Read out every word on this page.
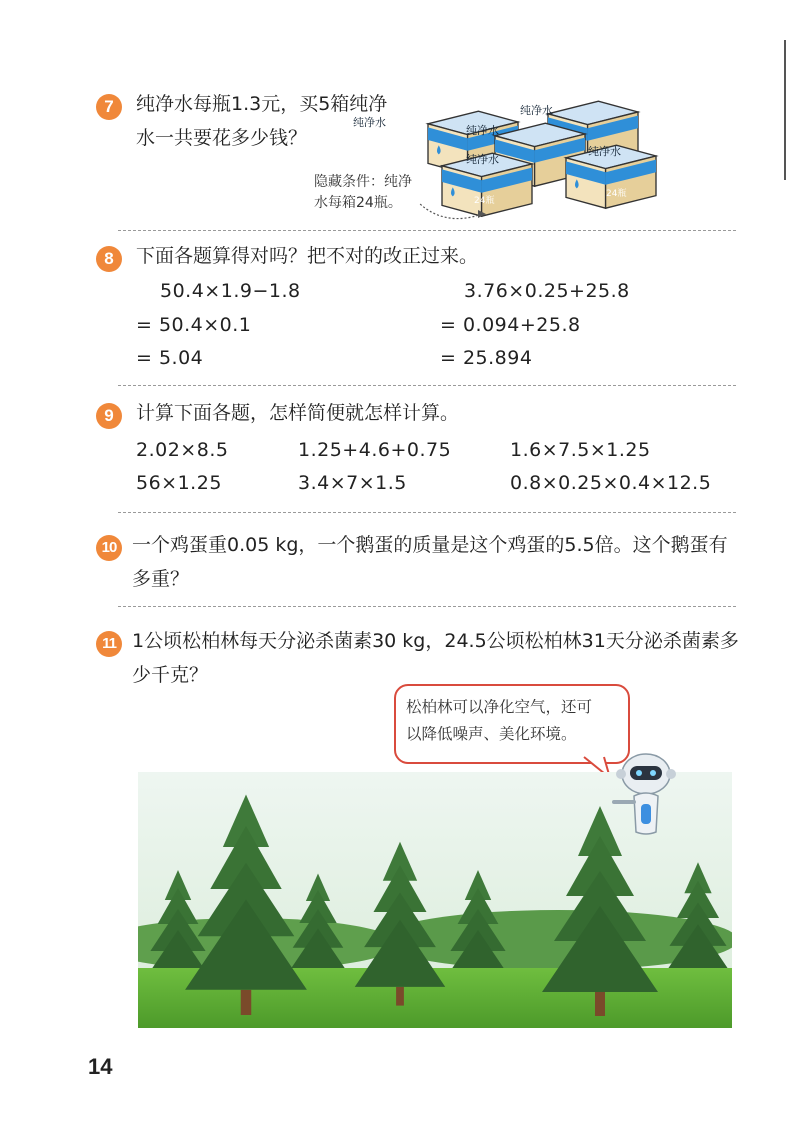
7	纯净水每瓶1.3元，买5箱纯净
水一共要花多少钱？
纯净水
纯净水
纯净水
纯净水
纯净水
24瓶
24瓶
隐藏条件：纯净
水每箱24瓶。
8	下面各题算得对吗？把不对的改正过来。
50.4×1.9−1.8
= 50.4×0.1
= 5.04
3.76×0.25+25.8
= 0.094+25.8
= 25.894
9	计算下面各题，怎样简便就怎样计算。
2.02×8.5	1.25+4.6+0.75	1.6×7.5×1.25
56×1.25	3.4×7×1.5	0.8×0.25×0.4×12.5
10 一个鸡蛋重0.05 kg，一个鹅蛋的质量是这个鸡蛋的5.5倍。这个鹅蛋有
多重？
11 1公顷松柏林每天分泌杀菌素30 kg，24.5公顷松柏林31天分泌杀菌素多
少千克？
松柏林可以净化空气，还可
以降低噪声、美化环境。
14
